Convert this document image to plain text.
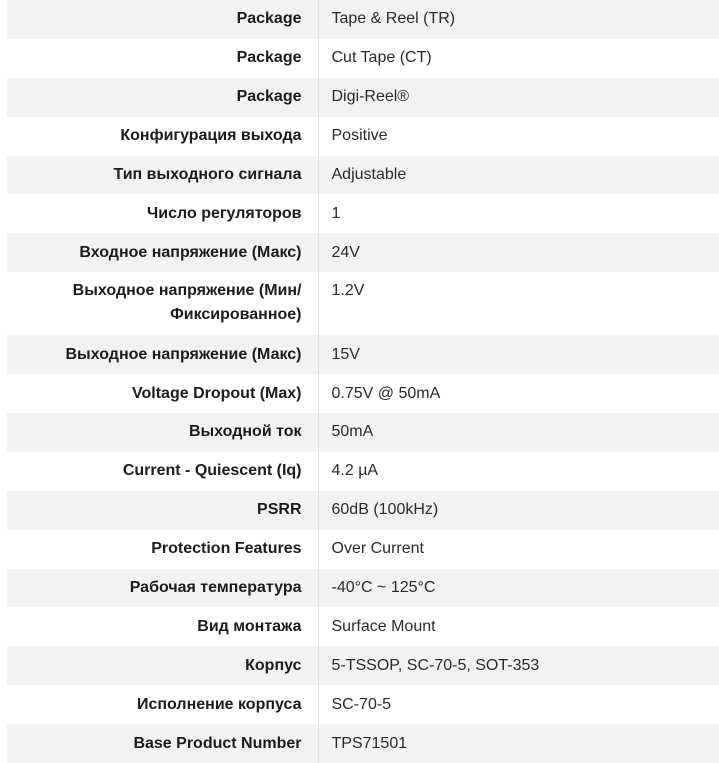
Package	Tape & Reel (TR)
Package	Cut Tape (CT)
Package	Digi-Reel®
Конфигурация выхода	Positive
Тип выходного сигнала	Adjustable
Число регуляторов	1
Входное напряжение (Макс)	24V
Выходное напряжение (Мин/ Фиксированное)	1.2V
Выходное напряжение (Макс)	15V
Voltage Dropout (Max)	0.75V @ 50mA
Выходной ток	50mA
Current - Quiescent (Iq)	4.2 µA
PSRR	60dB (100kHz)
Protection Features	Over Current
Рабочая температура	-40°C ~ 125°C
Вид монтажа	Surface Mount
Корпус	5-TSSOP, SC-70-5, SOT-353
Исполнение корпуса	SC-70-5
Base Product Number	TPS71501
